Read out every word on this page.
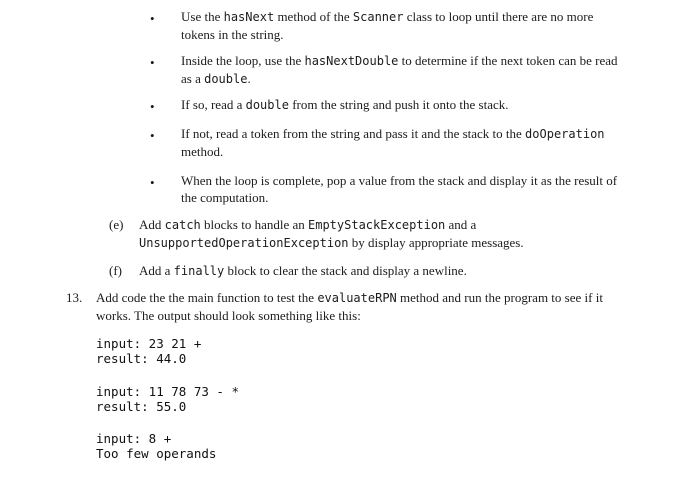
• Use the hasNext method of the Scanner class to loop until there are no more tokens in the string.
• Inside the loop, use the hasNextDouble to determine if the next token can be read as a double.
• If so, read a double from the string and push it onto the stack.
• If not, read a token from the string and pass it and the stack to the doOperation method.
• When the loop is complete, pop a value from the stack and display it as the result of the computation.
(e) Add catch blocks to handle an EmptyStackException and a UnsupportedOperationException by display appropriate messages.
(f) Add a finally block to clear the stack and display a newline.
13. Add code the the main function to test the evaluateRPN method and run the program to see if it works. The output should look something like this:
input: 23 21 +
result: 44.0
input: 11 78 73 - *
result: 55.0
input: 8 +
Too few operands
